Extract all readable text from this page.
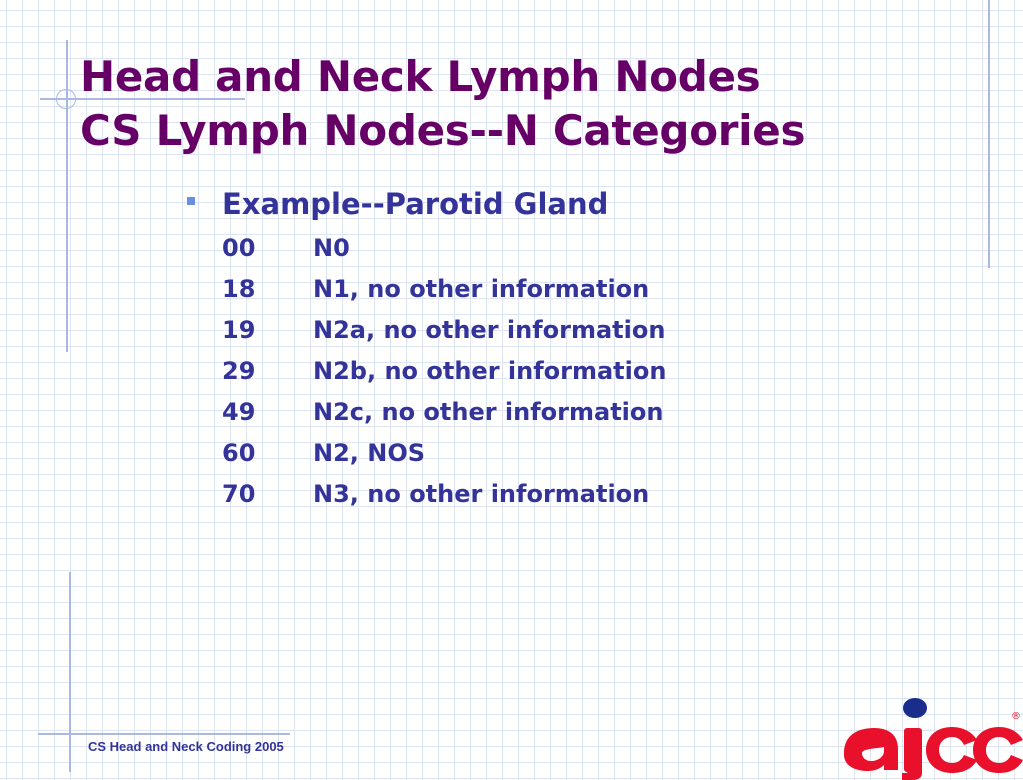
Head and Neck Lymph Nodes
CS Lymph Nodes--N Categories

Example--Parotid Gland

00 N0
18 N1, no other information
19 N2a, no other information
29 N2b, no other information
49 N2c, no other information
60 N2, NOS
70 N3, no other information
CS Head and Neck Coding 2005
®
